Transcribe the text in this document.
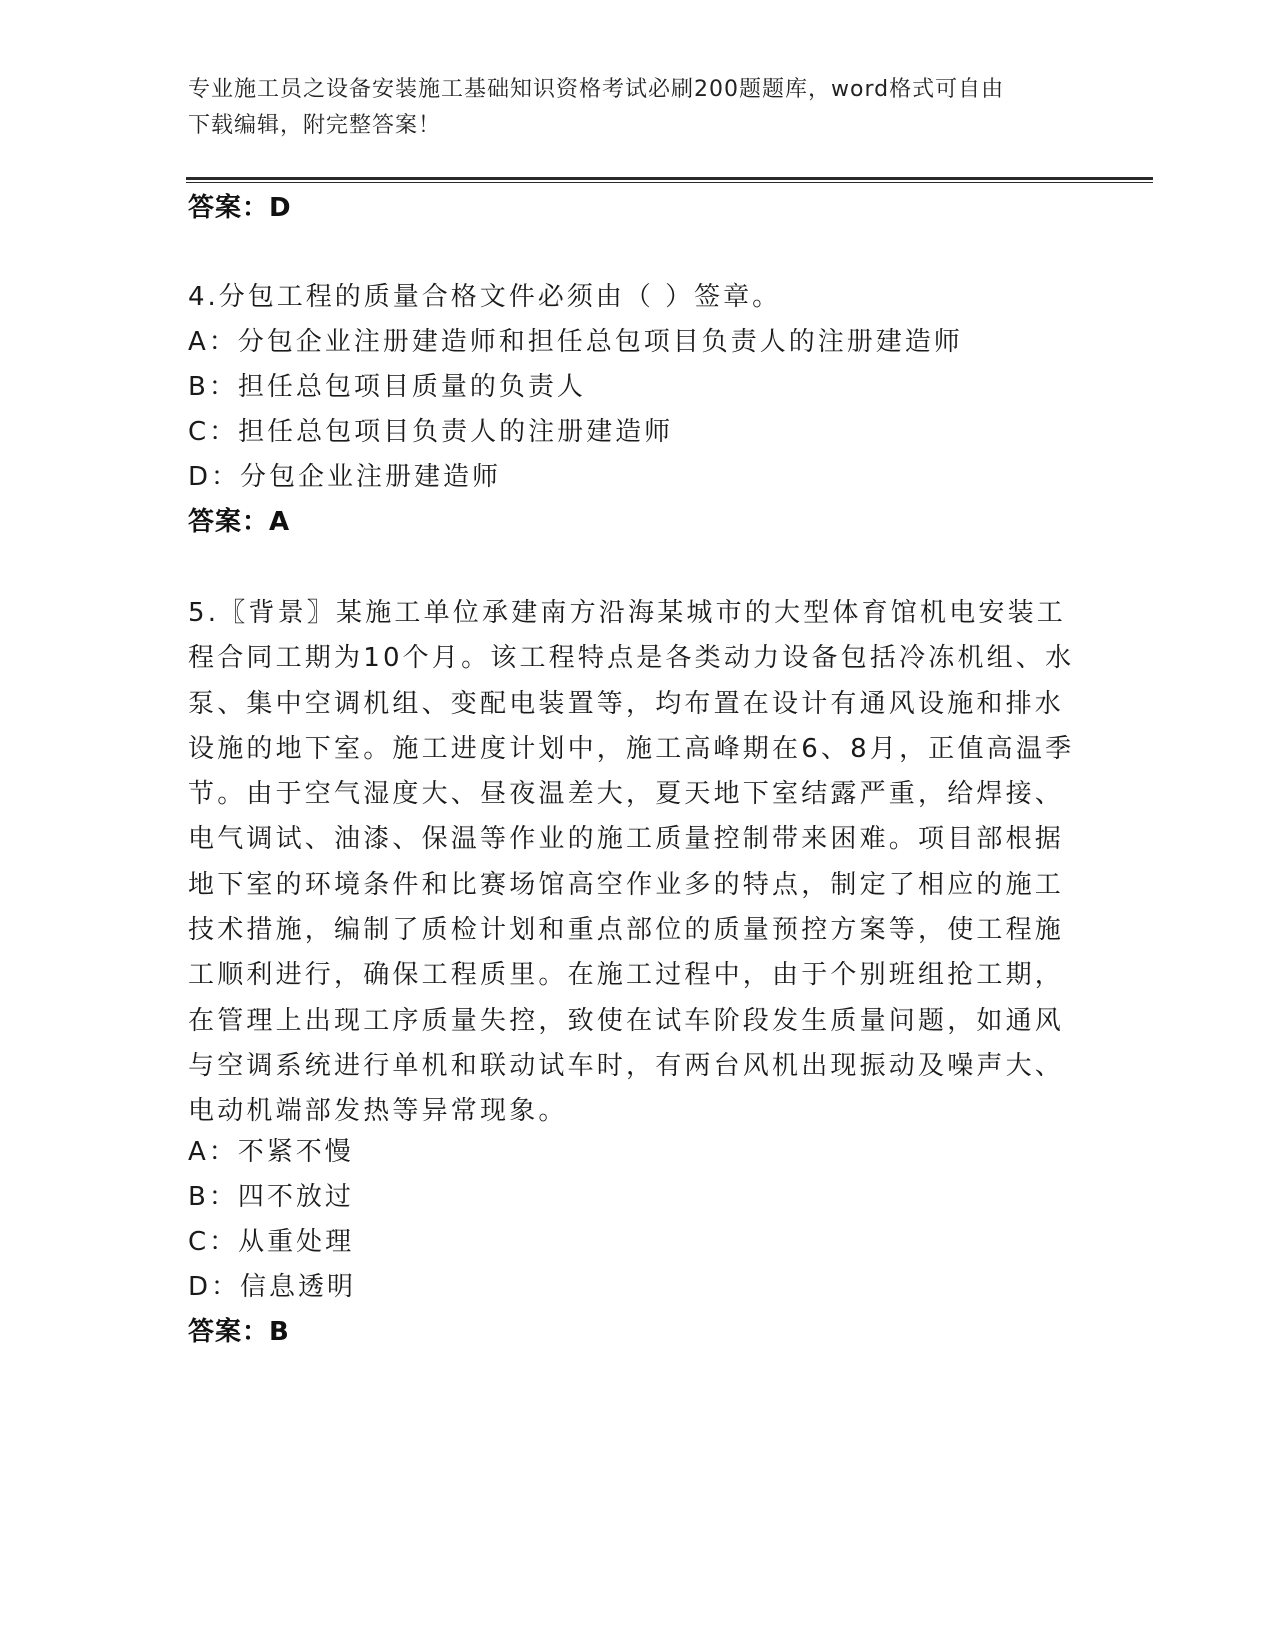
专业施工员之设备安装施工基础知识资格考试必刷200题题库，word格式可自由
下载编辑，附完整答案！
答案：D
4.分包工程的质量合格文件必须由（ ）签章。
A：分包企业注册建造师和担任总包项目负责人的注册建造师
B：担任总包项目质量的负责人
C：担任总包项目负责人的注册建造师
D：分包企业注册建造师
答案：A
5.〖背景〗某施工单位承建南方沿海某城市的大型体育馆机电安装工
程合同工期为10个月。该工程特点是各类动力设备包括冷冻机组、水
泵、集中空调机组、变配电装置等，均布置在设计有通风设施和排水
设施的地下室。施工进度计划中，施工高峰期在6、8月，正值高温季
节。由于空气湿度大、昼夜温差大，夏天地下室结露严重，给焊接、
电气调试、油漆、保温等作业的施工质量控制带来困难。项目部根据
地下室的环境条件和比赛场馆高空作业多的特点，制定了相应的施工
技术措施，编制了质检计划和重点部位的质量预控方案等，使工程施
工顺利进行，确保工程质里。在施工过程中，由于个别班组抢工期，
在管理上出现工序质量失控，致使在试车阶段发生质量问题，如通风
与空调系统进行单机和联动试车时，有两台风机出现振动及噪声大、
电动机端部发热等异常现象。
A：不紧不慢
B：四不放过
C：从重处理
D：信息透明
答案：B
